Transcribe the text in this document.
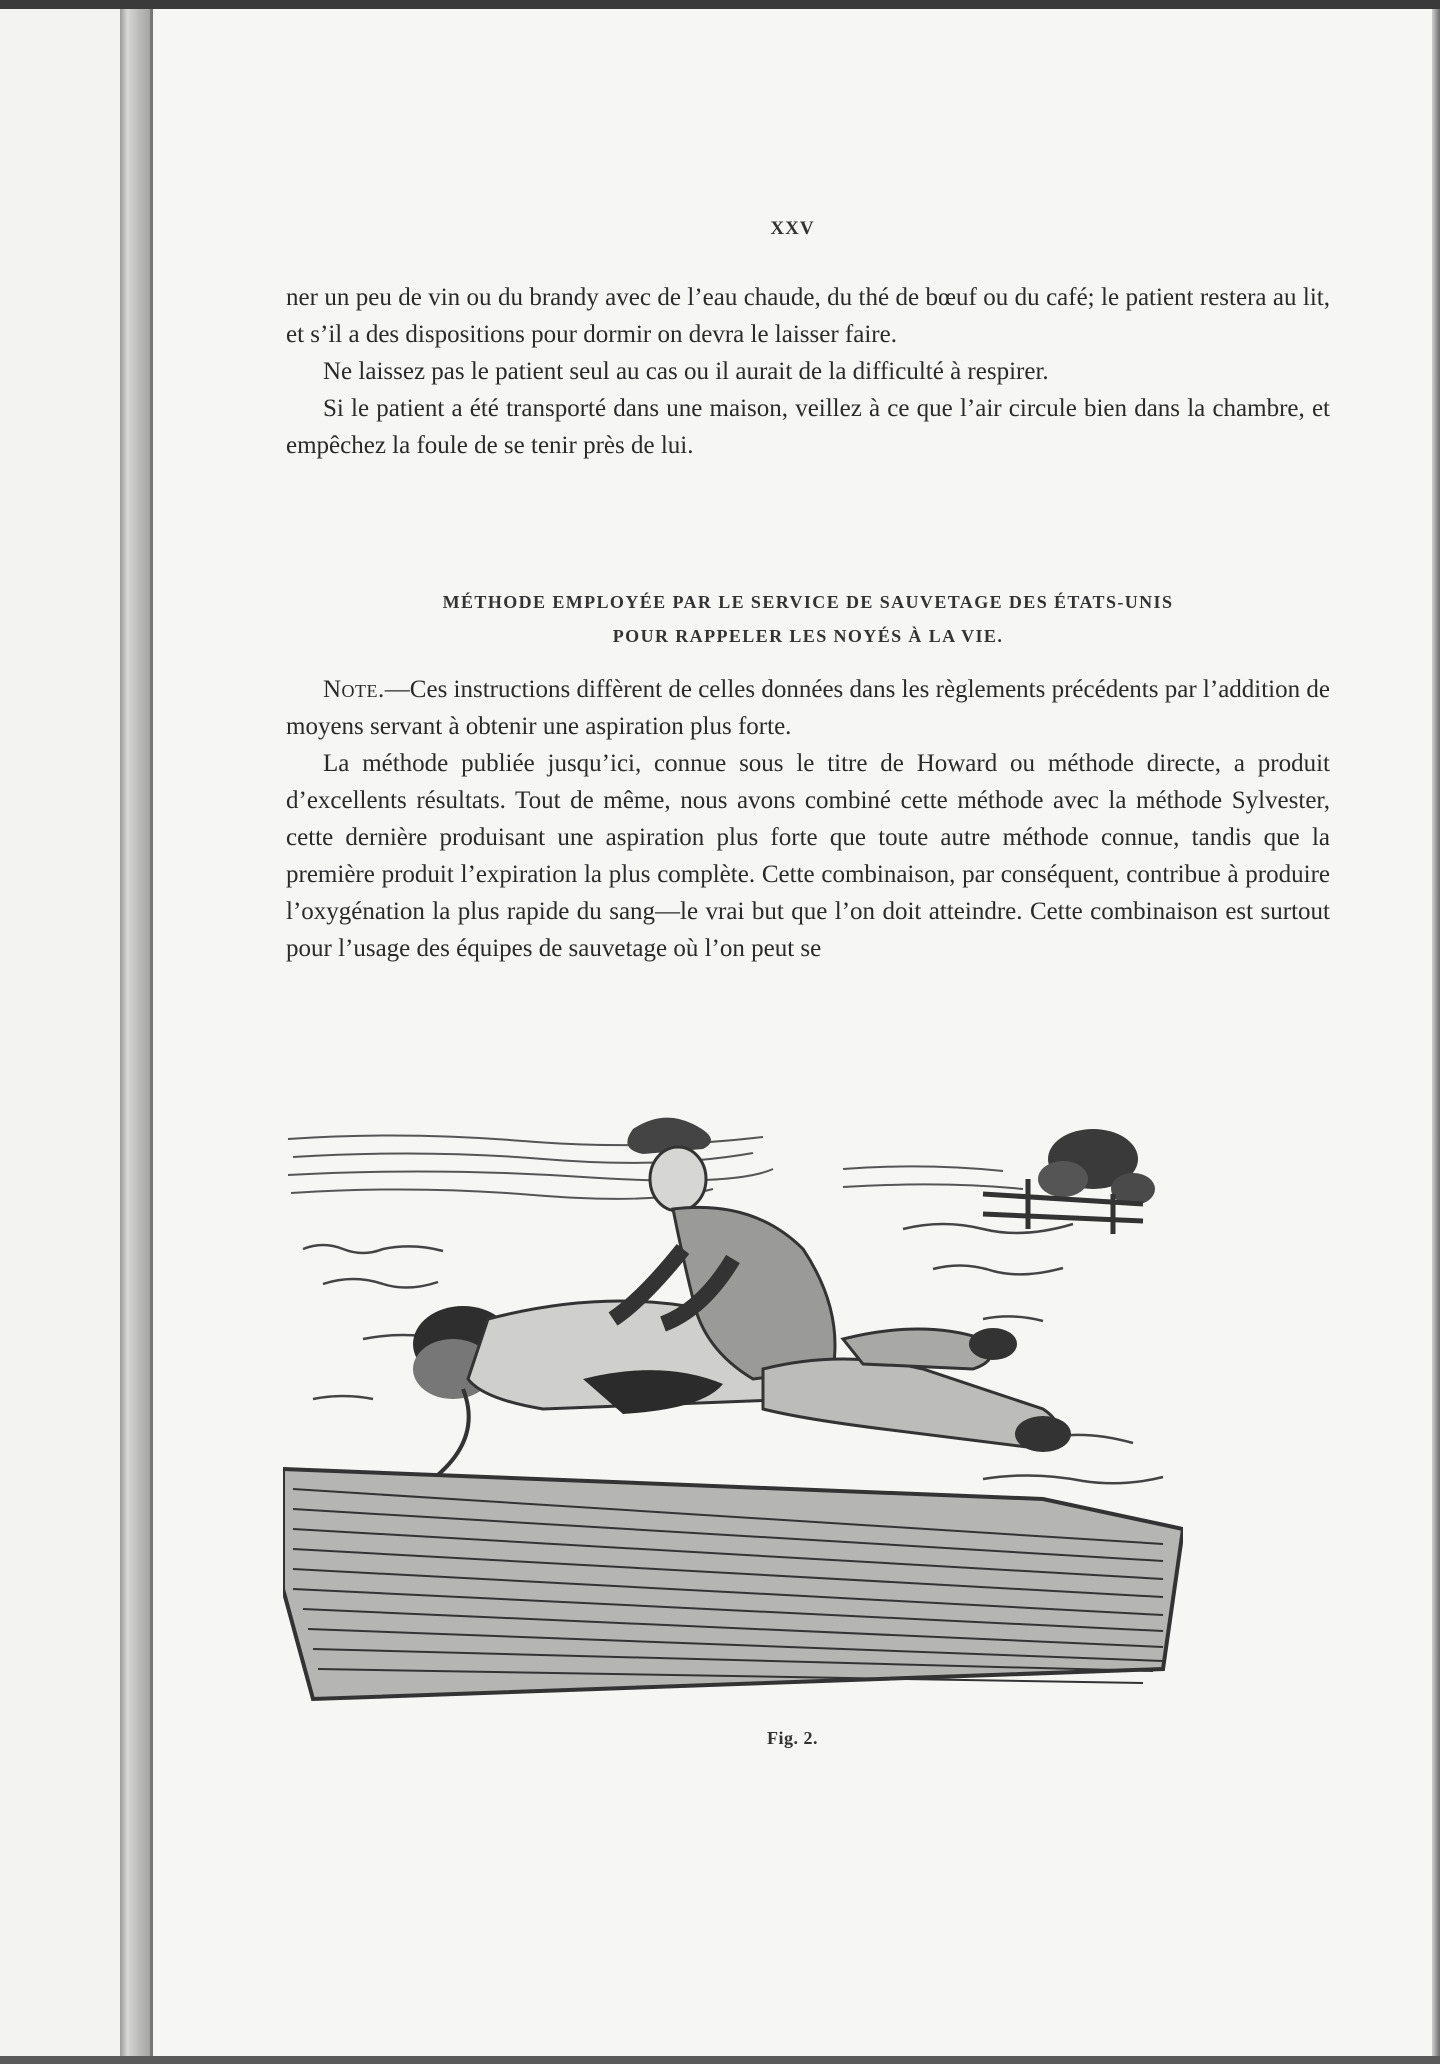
XXV

ner un peu de vin ou du brandy avec de l’eau chaude, du thé de bœuf ou du café; le patient restera au lit, et s’il a des dispositions pour dormir on devra le laisser faire.

Ne laissez pas le patient seul au cas ou il aurait de la difficulté à respirer.

Si le patient a été transporté dans une maison, veillez à ce que l’air circule bien dans la chambre, et empêchez la foule de se tenir près de lui.

MÉTHODE EMPLOYÉE PAR LE SERVICE DE SAUVETAGE DES ÉTATS-UNIS
POUR RAPPELER LES NOYÉS À LA VIE.

Note.—Ces instructions diffèrent de celles données dans les règlements précédents par l’addition de moyens servant à obtenir une aspiration plus forte.

La méthode publiée jusqu’ici, connue sous le titre de Howard ou méthode directe, a produit d’excellents résultats. Tout de même, nous avons combiné cette méthode avec la méthode Sylvester, cette dernière produisant une aspiration plus forte que toute autre méthode connue, tandis que la première produit l’expiration la plus complète. Cette combinaison, par conséquent, contribue à produire l’oxygénation la plus rapide du sang—le vrai but que l’on doit atteindre. Cette combinaison est surtout pour l’usage des équipes de sauvetage où l’on peut se

Fig. 2.
